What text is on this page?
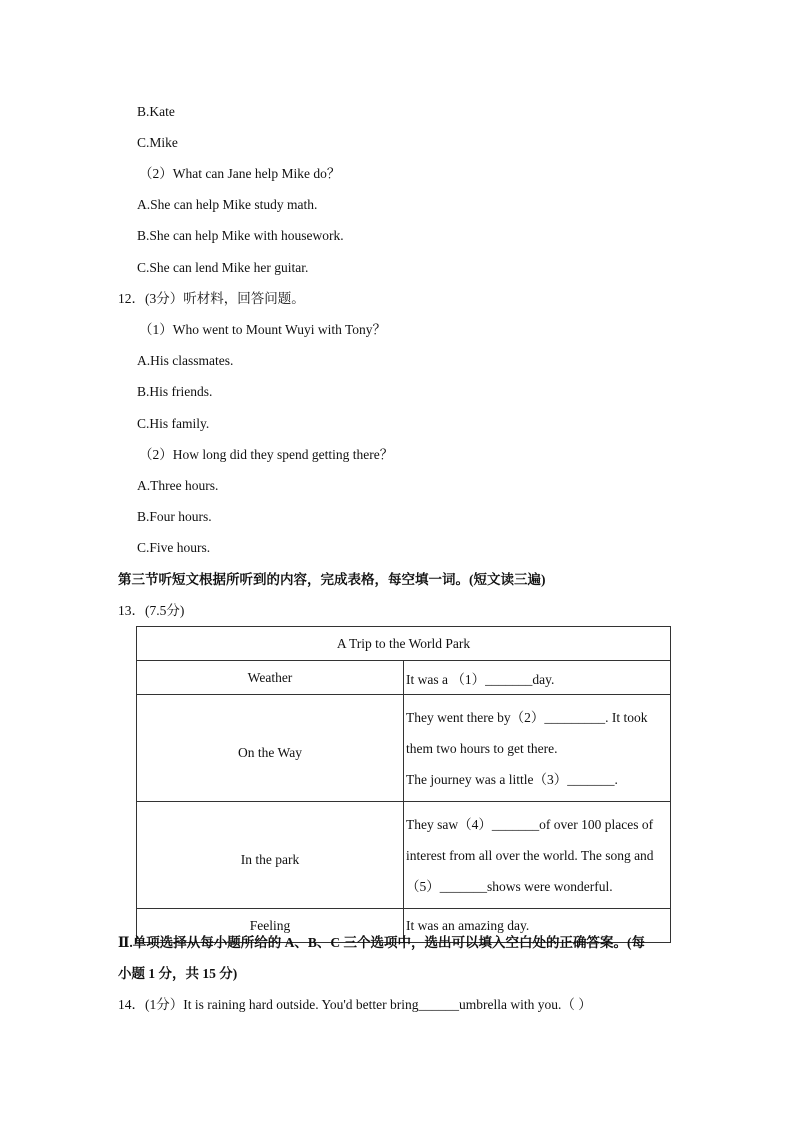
B.Kate
C.Mike
（2）What can Jane help Mike do？
A.She can help Mike study math.
B.She can help Mike with housework.
C.She can lend Mike her guitar.
12．(3分）听材料，回答问题。
（1）Who went to Mount Wuyi with Tony？
A.His classmates.
B.His friends.
C.His family.
（2）How long did they spend getting there？
A.Three hours.
B.Four hours.
C.Five hours.
第三节听短文根据所听到的内容，完成表格，每空填一词。(短文读三遍)
13．(7.5分)
A Trip to the World Park	
Weather	It was a （1）_______day.
On the Way	They went there by（2）_________. It took
them two hours to get there.
The journey was a little（3）_______.

In the park	They saw（4）_______of over 100 places of
interest from all over the world. The song and
（5）_______shows were wonderful.

Feeling	It was an amazing day.
Ⅱ.单项选择从每小题所给的 A、B、C 三个选项中，选出可以填入空白处的正确答案。(每
小题 1 分，共 15 分)
14．(1分）It is raining hard outside. You'd better bring______umbrella with you.（ ）
